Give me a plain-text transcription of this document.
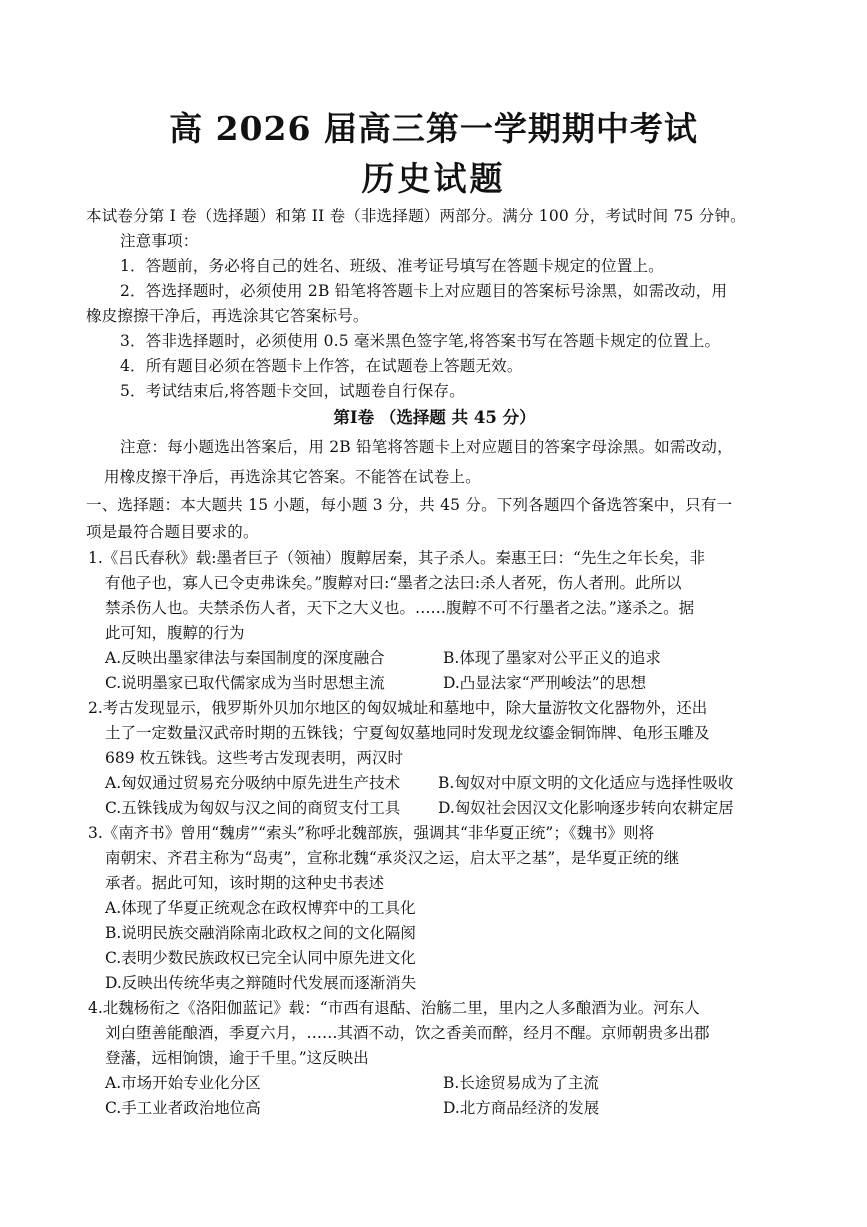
高 2026 届高三第一学期期中考试
历史试题
本试卷分第 I 卷（选择题）和第 II 卷（非选择题）两部分。满分 100 分，考试时间 75 分钟。
注意事项：
1．答题前，务必将自己的姓名、班级、准考证号填写在答题卡规定的位置上。
2．答选择题时，必须使用 2B 铅笔将答题卡上对应题目的答案标号涂黑，如需改动，用
橡皮擦擦干净后，再选涂其它答案标号。
3．答非选择题时，必须使用 0.5 毫米黑色签字笔,将答案书写在答题卡规定的位置上。
4．所有题目必须在答题卡上作答，在试题卷上答题无效。
5．考试结束后,将答题卡交回，试题卷自行保存。
第Ⅰ卷 （选择题 共 45 分）
注意：每小题选出答案后，用 2B 铅笔将答题卡上对应题目的答案字母涂黑。如需改动，
用橡皮擦干净后，再选涂其它答案。不能答在试卷上。
一、选择题：本大题共 15 小题，每小题 3 分，共 45 分。下列各题四个备选答案中，只有一
项是最符合题目要求的。
1.《吕氏春秋》载:墨者巨子（领袖）腹䵍居秦，其子杀人。秦惠王曰：“先生之年长矣，非
有他子也，寡人已令吏弗诛矣。”腹䵍对曰:“墨者之法曰:杀人者死，伤人者刑。此所以
禁杀伤人也。夫禁杀伤人者，天下之大义也。……腹䵍不可不行墨者之法。”遂杀之。据
此可知，腹䵍的行为
A.反映出墨家律法与秦国制度的深度融合	B.体现了墨家对公平正义的追求
C.说明墨家已取代儒家成为当时思想主流	D.凸显法家“严刑峻法”的思想
2.考古发现显示，俄罗斯外贝加尔地区的匈奴城址和墓地中，除大量游牧文化器物外，还出
土了一定数量汉武帝时期的五铢钱；宁夏匈奴墓地同时发现龙纹鎏金铜饰牌、龟形玉雕及
689 枚五铢钱。这些考古发现表明，两汉时
A.匈奴通过贸易充分吸纳中原先进生产技术	B.匈奴对中原文明的文化适应与选择性吸收
C.五铢钱成为匈奴与汉之间的商贸支付工具	D.匈奴社会因汉文化影响逐步转向农耕定居
3.《南齐书》曾用“魏虏”“索头”称呼北魏部族，强调其“非华夏正统”；《魏书》则将
南朝宋、齐君主称为“岛夷”，宣称北魏“承炎汉之运，启太平之基”，是华夏正统的继
承者。据此可知，该时期的这种史书表述
A.体现了华夏正统观念在政权博弈中的工具化
B.说明民族交融消除南北政权之间的文化隔阂
C.表明少数民族政权已完全认同中原先进文化
D.反映出传统华夷之辩随时代发展而逐渐消失
4.北魏杨衔之《洛阳伽蓝记》载：“市西有退酤、治觞二里，里内之人多酿酒为业。河东人
刘白堕善能酿酒，季夏六月，……其酒不动，饮之香美而醉，经月不醒。京师朝贵多出郡
登藩，远相饷馈，逾于千里。”这反映出
A.市场开始专业化分区	B.长途贸易成为了主流
C.手工业者政治地位高	D.北方商品经济的发展
